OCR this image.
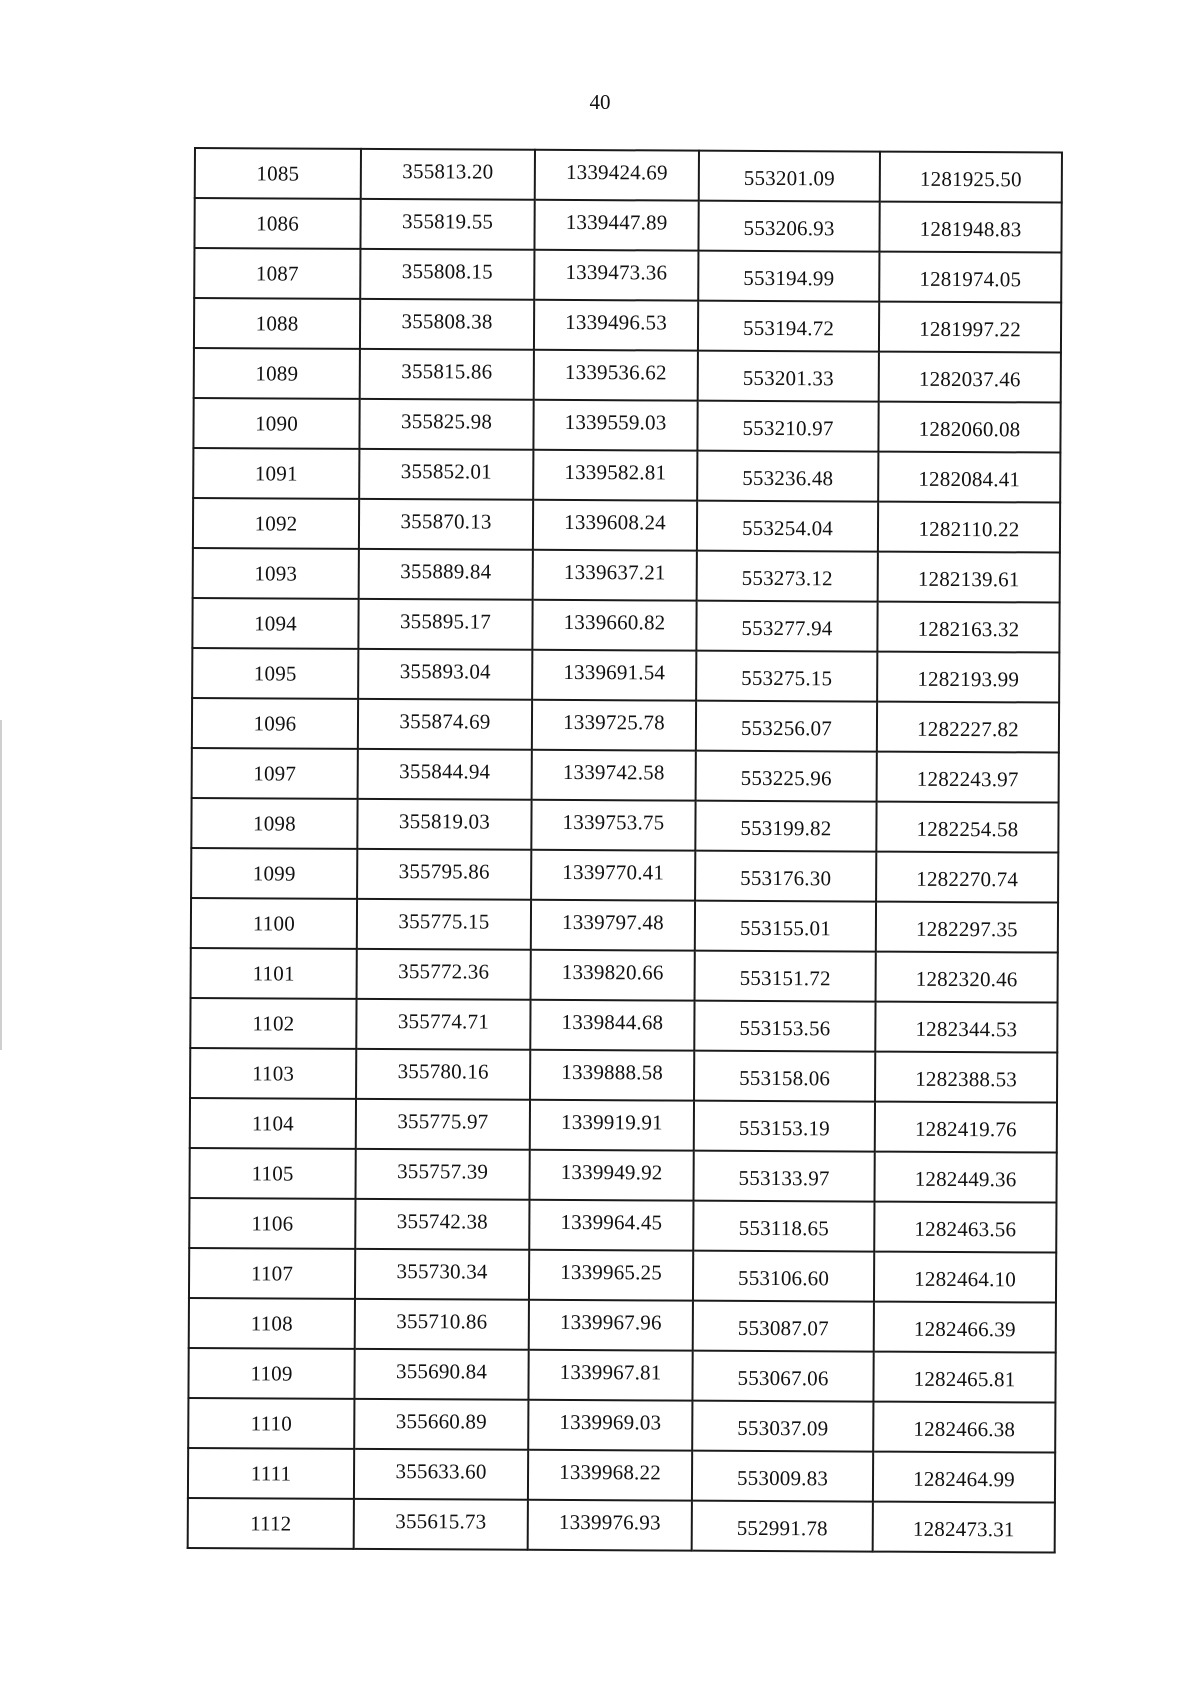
40
1085	355813.20	1339424.69	553201.09	1281925.50
1086	355819.55	1339447.89	553206.93	1281948.83
1087	355808.15	1339473.36	553194.99	1281974.05
1088	355808.38	1339496.53	553194.72	1281997.22
1089	355815.86	1339536.62	553201.33	1282037.46
1090	355825.98	1339559.03	553210.97	1282060.08
1091	355852.01	1339582.81	553236.48	1282084.41
1092	355870.13	1339608.24	553254.04	1282110.22
1093	355889.84	1339637.21	553273.12	1282139.61
1094	355895.17	1339660.82	553277.94	1282163.32
1095	355893.04	1339691.54	553275.15	1282193.99
1096	355874.69	1339725.78	553256.07	1282227.82
1097	355844.94	1339742.58	553225.96	1282243.97
1098	355819.03	1339753.75	553199.82	1282254.58
1099	355795.86	1339770.41	553176.30	1282270.74
1100	355775.15	1339797.48	553155.01	1282297.35
1101	355772.36	1339820.66	553151.72	1282320.46
1102	355774.71	1339844.68	553153.56	1282344.53
1103	355780.16	1339888.58	553158.06	1282388.53
1104	355775.97	1339919.91	553153.19	1282419.76
1105	355757.39	1339949.92	553133.97	1282449.36
1106	355742.38	1339964.45	553118.65	1282463.56
1107	355730.34	1339965.25	553106.60	1282464.10
1108	355710.86	1339967.96	553087.07	1282466.39
1109	355690.84	1339967.81	553067.06	1282465.81
1110	355660.89	1339969.03	553037.09	1282466.38
1111	355633.60	1339968.22	553009.83	1282464.99
1112	355615.73	1339976.93	552991.78	1282473.31
